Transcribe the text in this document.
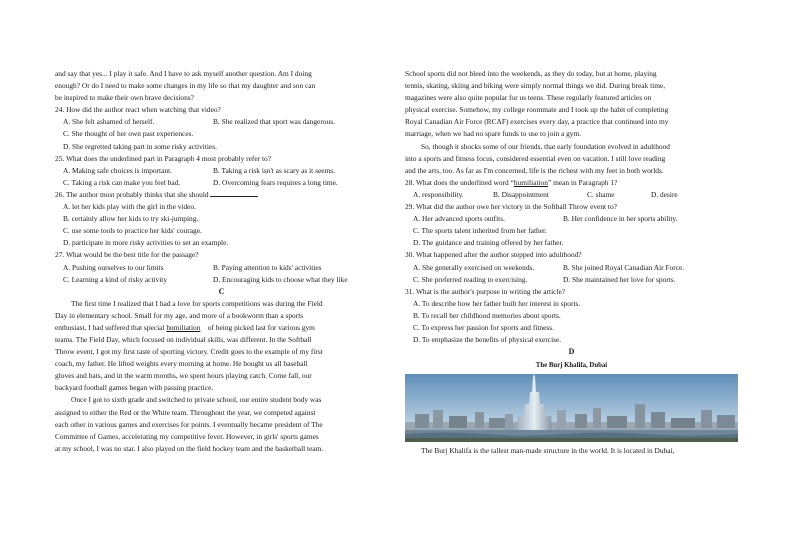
and say that yes... I play it safe. And I have to ask myself another question. Am I doing
enough? Or do I need to make some changes in my life so that my daughter and son can
be inspired to make their own brave decisions?
24. How did the author react when watching that video?
A. She felt ashamed of herself.	B. She realized that sport was dangerous.
C. She thought of her own past experiences.
D. She regretted taking part in some risky activities.
25. What does the underlined part in Paragraph 4 most probably refer to?
A. Making safe choices is important.	B. Taking a risk isn't as scary as it seems.
C. Taking a risk can make you feel bad.	D. Overcoming fears requires a long time.
26. The author most probably thinks that she should
A. let her kids play with the girl in the video.
B. certainly allow her kids to try ski-jumping.
C. use some tools to practice her kids' courage.
D. participate in more risky activities to set an example.
27. What would be the best title for the passage?
A. Pushing ourselves to our limits	B. Paying attention to kids' activities
C. Learning a kind of risky activity	D. Encouraging kids to choose what they like
C
The first time I realized that I had a love for sports competitions was during the Field
Day in elementary school. Small for my age, and more of a bookworm than a sports
enthusiast, I had suffered that special humiliation of being picked last for various gym
teams. The Field Day, which focused on individual skills, was different. In the Softball
Throw event, I got my first taste of sporting victory. Credit goes to the example of my first
coach, my father. He lifted weights every morning at home. He bought us all baseball
gloves and bats, and in the warm months, we spent hours playing catch. Come fall, our
backyard football games began with passing practice.
Once I got to sixth grade and switched to private school, our entire student body was
assigned to either the Red or the White team. Throughout the year, we competed against
each other in various games and exercises for points. I eventually became president of The
Committee of Games, accelerating my competitive fever. However, in girls' sports games
at my school, I was no star. I also played on the field hockey team and the basketball team.
School sports did not bleed into the weekends, as they do today, but at home, playing
tennis, skating, skiing and biking were simply normal things we did. During break time,
magazines were also quite popular for us teens. These regularly featured articles on
physical exercise. Somehow, my college roommate and I took up the habit of completing
Royal Canadian Air Force (RCAF) exercises every day, a practice that continued into my
marriage, when we had no spare funds to use to join a gym.
So, though it shocks some of our friends, that early foundation evolved in adulthood
into a sports and fitness focus, considered essential even on vacation. I still love reading
and the arts, too. As far as I'm concerned, life is the richest with my feet in both worlds.
28. What does the underlined word “humiliation” mean in Paragraph 1?
A. responsibility.	B. Disappointment	C. shame	D. desire
29. What did the author owe her victory in the Softball Throw event to?
A. Her advanced sports outfits.	B. Her confidence in her sports ability.
C. The sports talent inherited from her father.
D. The guidance and training offered by her father.
30. What happened after the author stepped into adulthood?
A. She generally exercised on weekends.	B. She joined Royal Canadian Air Force.
C. She preferred reading to exercising.	D. She maintained her love for sports.
31. What is the author's purpose in writing the article?
A. To describe how her father built her interest in sports.
B. To recall her childhood memories about sports.
C. To express her passion for sports and fitness.
D. To emphasize the benefits of physical exercise.
D
The Burj Khalifa, Dubai
The Burj Khalifa is the tallest man-made structure in the world. It is located in Dubai,
